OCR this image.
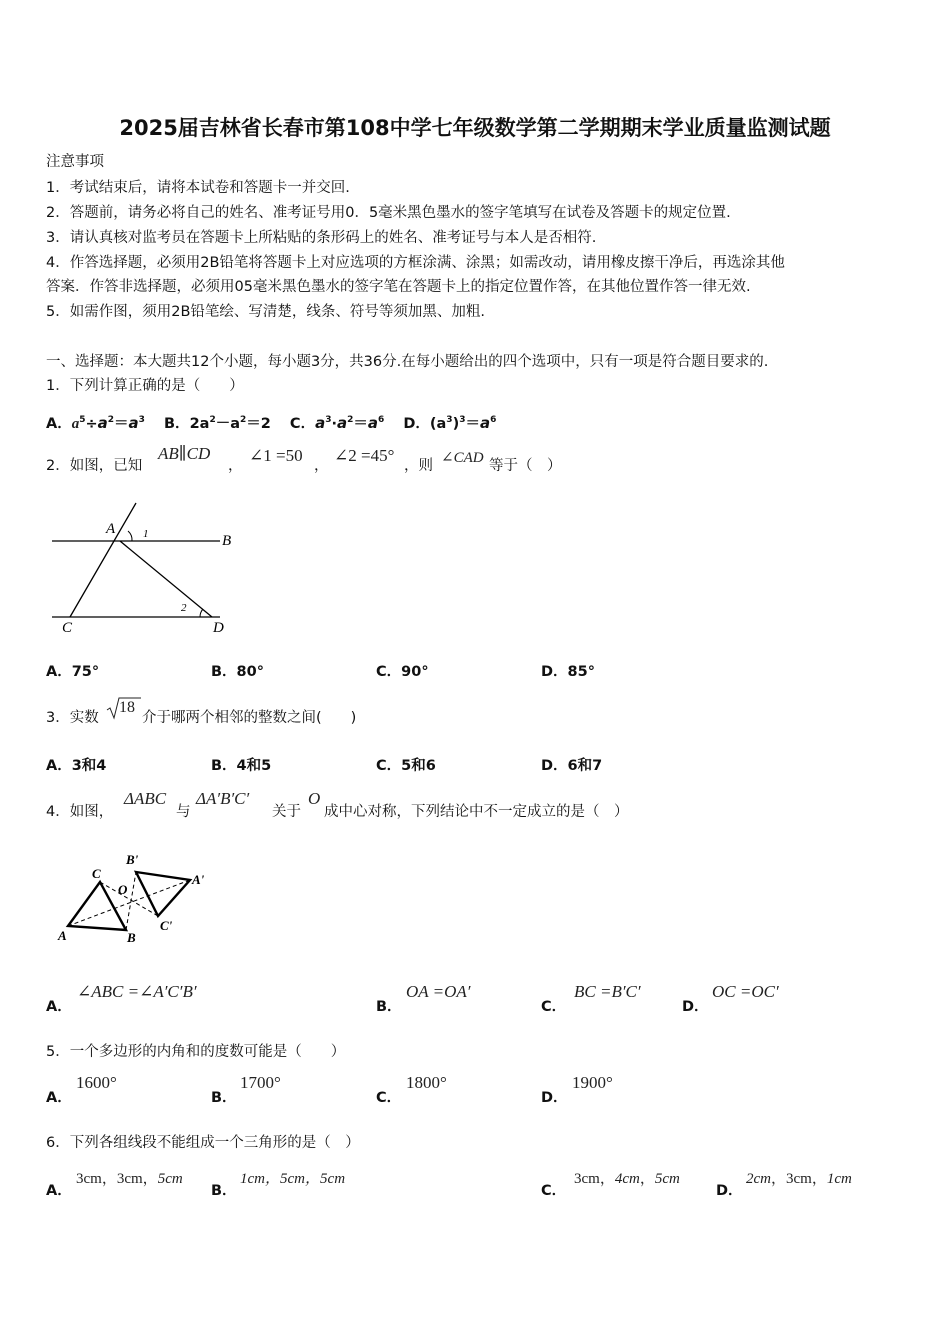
2025届吉林省长春市第108中学七年级数学第二学期期末学业质量监测试题
注意事项
1．考试结束后，请将本试卷和答题卡一并交回.
2．答题前，请务必将自己的姓名、准考证号用0．5毫米黑色墨水的签字笔填写在试卷及答题卡的规定位置.
3．请认真核对监考员在答题卡上所粘贴的条形码上的姓名、准考证号与本人是否相符.
4．作答选择题，必须用2B铅笔将答题卡上对应选项的方框涂满、涂黑；如需改动，请用橡皮擦干净后，再选涂其他
答案．作答非选择题，必须用05毫米黑色墨水的签字笔在答题卡上的指定位置作答，在其他位置作答一律无效.
5．如需作图，须用2B铅笔绘、写清楚，线条、符号等须加黑、加粗.
一、选择题：本大题共12个小题，每小题3分，共36分.在每小题给出的四个选项中，只有一项是符合题目要求的.
1．下列计算正确的是（　　）
A．$a^5\div a^2=a^3$ B．$2a^2-a^2=2$ C．$a^3\cdot a^2=a^6$ D．$(a^3)^3=a^6$
2．如图，已知
AB∥CD
，
∠1 =50
，
∠2 =45°
，则 ∠CAD 等于（　）
A
B
C	D
1
2
A．75°	B．80°	C．90°	D．85°
3．实数
18
介于哪两个相邻的整数之间(　　)
A．3和4	B．4和5	C．5和6	D．6和7
4．如图，
ΔABC
与
ΔA′B′C′
关于
O
成中心对称，下列结论中不一定成立的是（　）
A	B
C
O
A'
B'
C'
A．
∠ABC =∠A′C′B′
B．
OA =OA′
C．
BC =B′C′
D．
OC =OC′
5．一个多边形的内角和的度数可能是（　　）
A．
1600°
B．
1700°
C．
1800°
D．
1900°
6．下列各组线段不能组成一个三角形的是（　）
A．
3cm，3cm，5cm
B．
1cm，5cm，5cm
C．
3cm，4cm，5cm
D．
2cm，3cm，1cm
